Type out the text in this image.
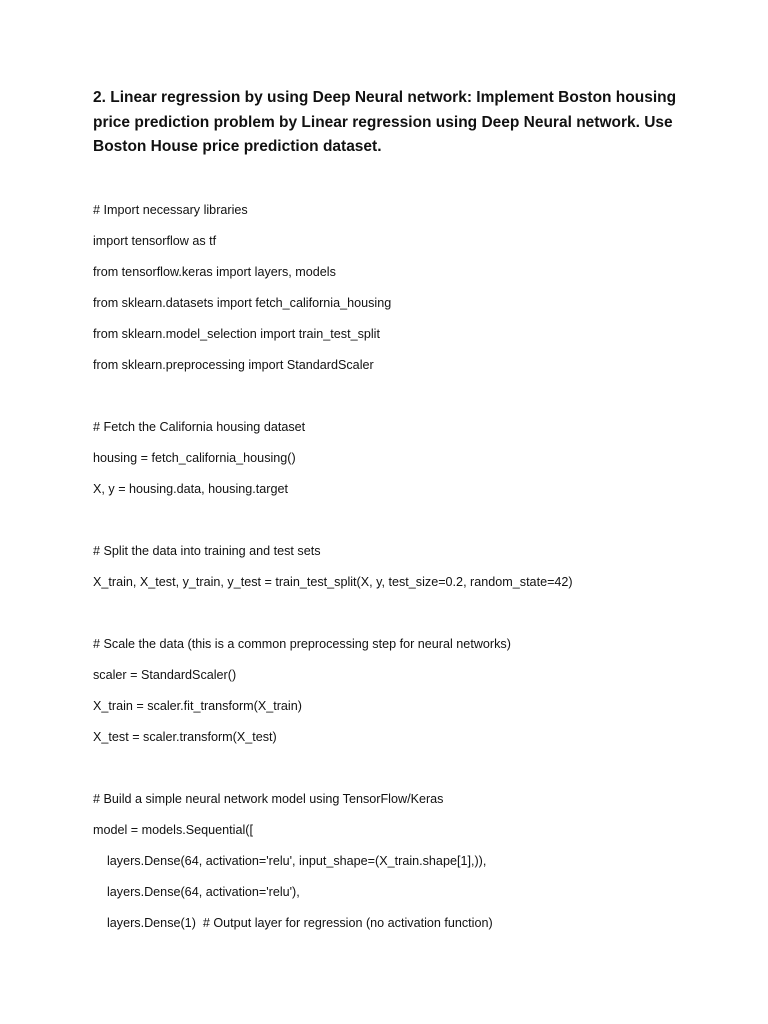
2. Linear regression by using Deep Neural network: Implement Boston housing price prediction problem by Linear regression using Deep Neural network. Use Boston House price prediction dataset.

# Import necessary libraries
import tensorflow as tf
from tensorflow.keras import layers, models
from sklearn.datasets import fetch_california_housing
from sklearn.model_selection import train_test_split
from sklearn.preprocessing import StandardScaler
# Fetch the California housing dataset
housing = fetch_california_housing()
X, y = housing.data, housing.target
# Split the data into training and test sets
X_train, X_test, y_train, y_test = train_test_split(X, y, test_size=0.2, random_state=42)
# Scale the data (this is a common preprocessing step for neural networks)
scaler = StandardScaler()
X_train = scaler.fit_transform(X_train)
X_test = scaler.transform(X_test)
# Build a simple neural network model using TensorFlow/Keras
model = models.Sequential([
layers.Dense(64, activation='relu', input_shape=(X_train.shape[1],)),
layers.Dense(64, activation='relu'),
layers.Dense(1)  # Output layer for regression (no activation function)
